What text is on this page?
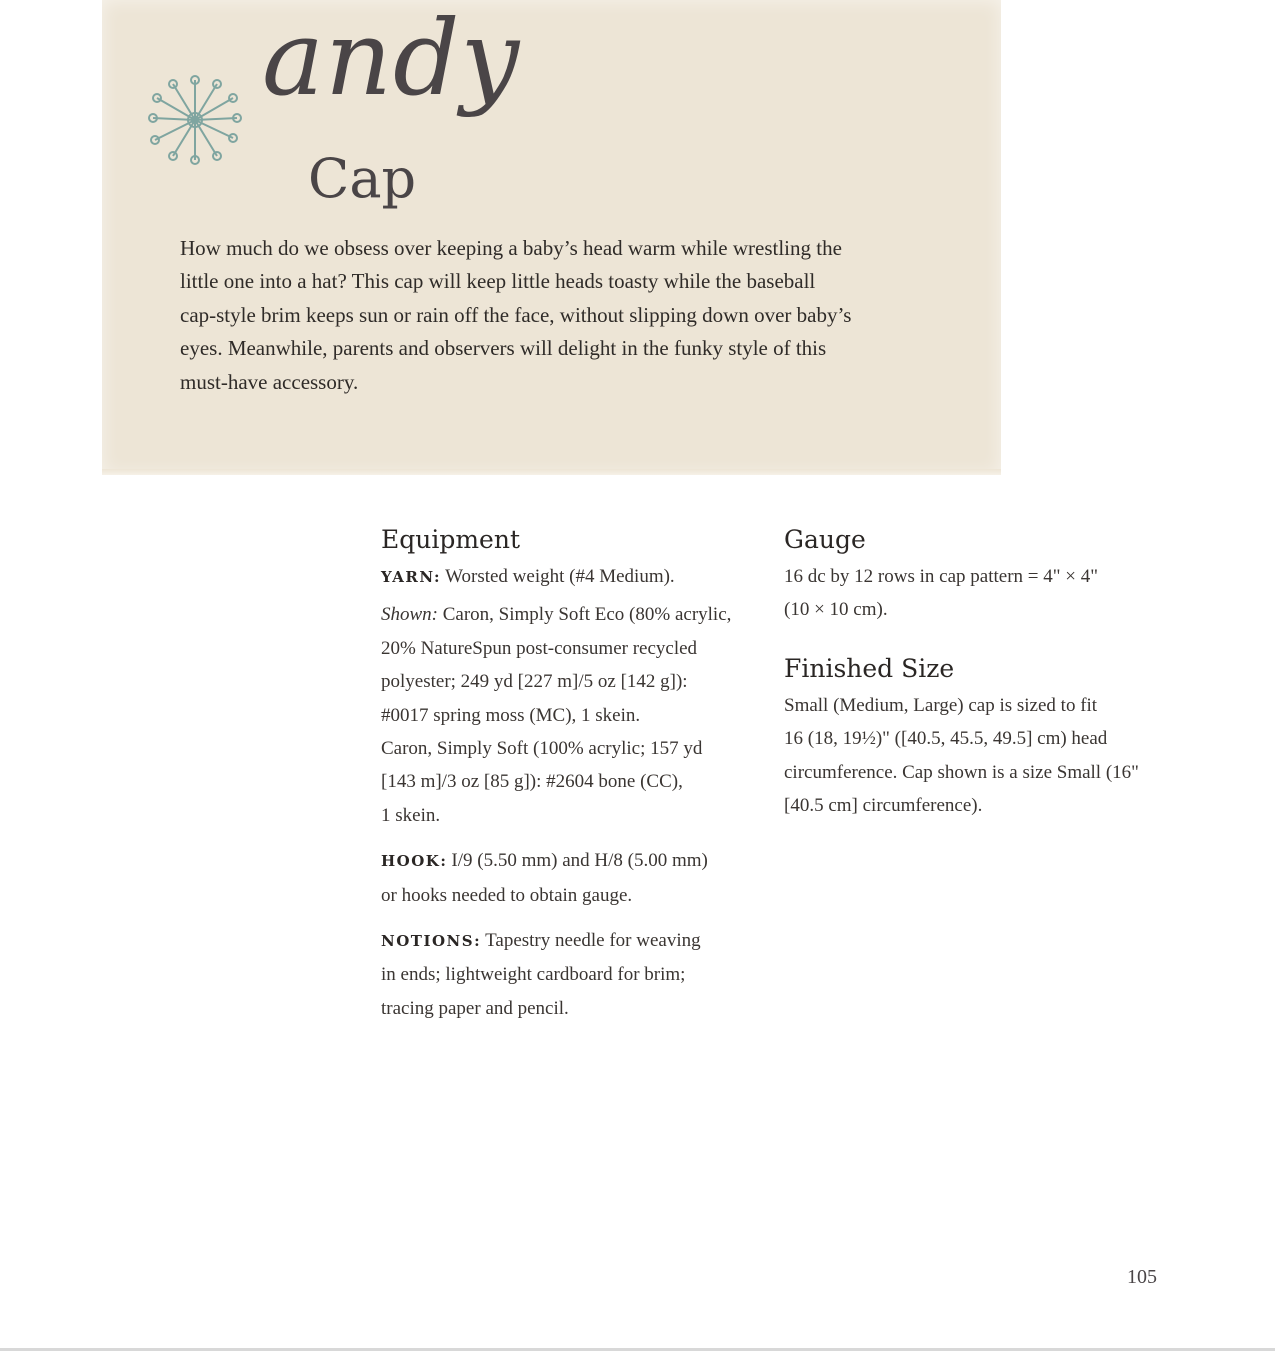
andy
Cap

How much do we obsess over keeping a baby’s head warm while wrestling the
little one into a hat? This cap will keep little heads toasty while the baseball
cap-style brim keeps sun or rain off the face, without slipping down over baby’s
eyes. Meanwhile, parents and observers will delight in the funky style of this
must-have accessory.

Equipment
YARN: Worsted weight (#4 Medium).
Shown: Caron, Simply Soft Eco (80% acrylic,
20% NatureSpun post-consumer recycled
polyester; 249 yd [227 m]/5 oz [142 g]):
#0017 spring moss (MC), 1 skein.
Caron, Simply Soft (100% acrylic; 157 yd
[143 m]/3 oz [85 g]): #2604 bone (CC),
1 skein.
HOOK: I/9 (5.50 mm) and H/8 (5.00 mm)
or hooks needed to obtain gauge.
NOTIONS: Tapestry needle for weaving
in ends; lightweight cardboard for brim;
tracing paper and pencil.
Gauge
16 dc by 12 rows in cap pattern = 4" × 4"
(10 × 10 cm).
Finished Size
Small (Medium, Large) cap is sized to fit
16 (18, 19½)" ([40.5, 45.5, 49.5] cm) head
circumference. Cap shown is a size Small (16"
[40.5 cm] circumference).
105
